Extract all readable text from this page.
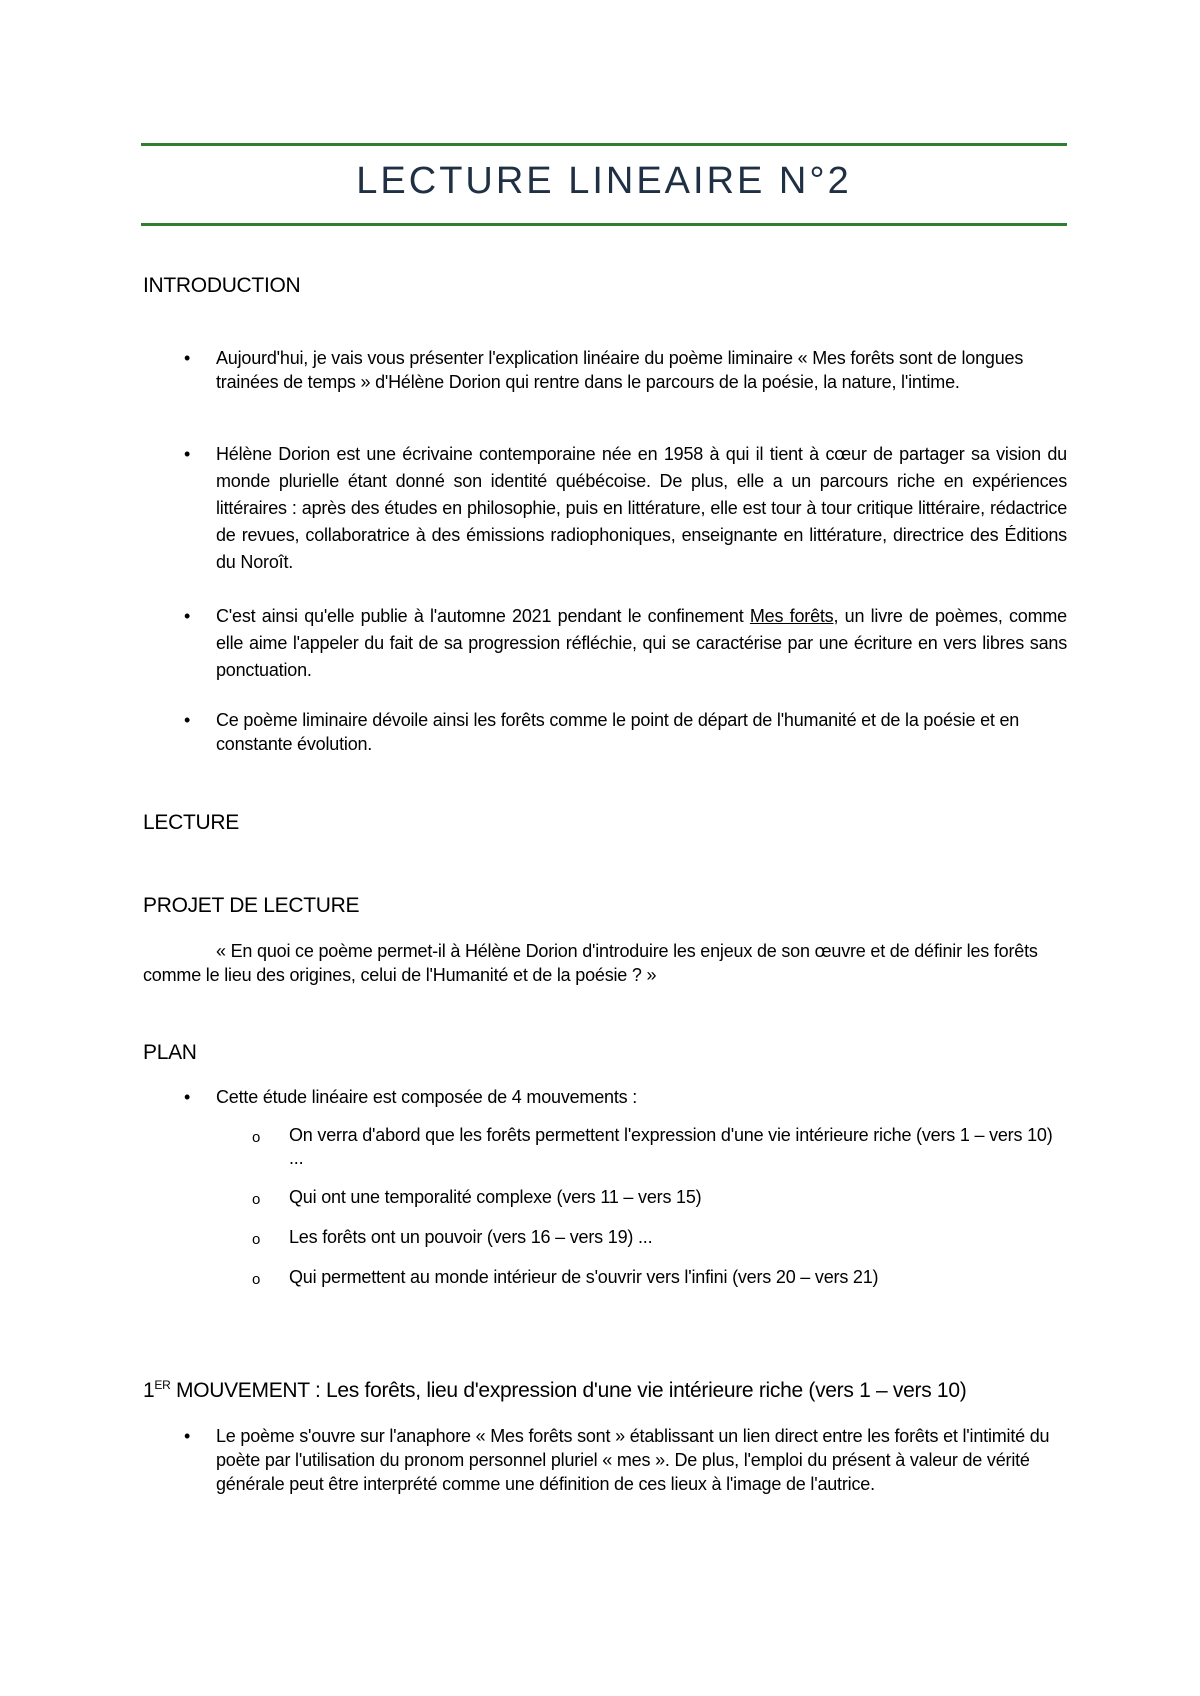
LECTURE LINEAIRE N°2
INTRODUCTION
• Aujourd'hui, je vais vous présenter l'explication linéaire du poème liminaire « Mes forêts sont de longues trainées de temps » d'Hélène Dorion qui rentre dans le parcours de la poésie, la nature, l'intime.
• Hélène Dorion est une écrivaine contemporaine née en 1958 à qui il tient à cœur de partager sa vision du monde plurielle étant donné son identité québécoise. De plus, elle a un parcours riche en expériences littéraires : après des études en philosophie, puis en littérature, elle est tour à tour critique littéraire, rédactrice de revues, collaboratrice à des émissions radiophoniques, enseignante en littérature, directrice des Éditions du Noroît.
• C'est ainsi qu'elle publie à l'automne 2021 pendant le confinement Mes forêts, un livre de poèmes, comme elle aime l'appeler du fait de sa progression réfléchie, qui se caractérise par une écriture en vers libres sans ponctuation.
• Ce poème liminaire dévoile ainsi les forêts comme le point de départ de l'humanité et de la poésie et en constante évolution.
LECTURE
PROJET DE LECTURE

« En quoi ce poème permet-il à Hélène Dorion d'introduire les enjeux de son œuvre et de définir les forêts comme le lieu des origines, celui de l'Humanité et de la poésie ? »

PLAN
• Cette étude linéaire est composée de 4 mouvements :
o On verra d'abord que les forêts permettent l'expression d'une vie intérieure riche (vers 1 – vers 10) ...
o Qui ont une temporalité complexe (vers 11 – vers 15)
o Les forêts ont un pouvoir (vers 16 – vers 19) ...
o Qui permettent au monde intérieur de s'ouvrir vers l'infini (vers 20 – vers 21)
1ER MOUVEMENT : Les forêts, lieu d'expression d'une vie intérieure riche (vers 1 – vers 10)
• Le poème s'ouvre sur l'anaphore « Mes forêts sont » établissant un lien direct entre les forêts et l'intimité du poète par l'utilisation du pronom personnel pluriel « mes ». De plus, l'emploi du présent à valeur de vérité générale peut être interprété comme une définition de ces lieux à l'image de l'autrice.
